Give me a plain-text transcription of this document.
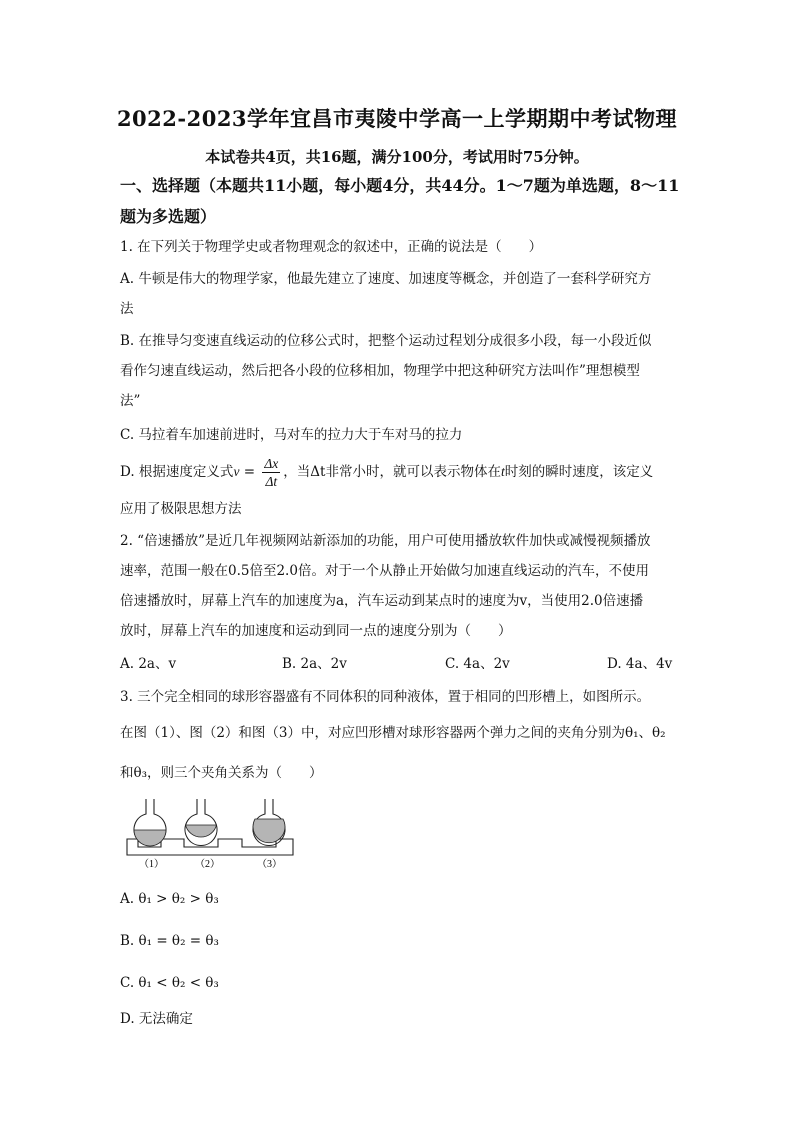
2022-2023学年宜昌市夷陵中学高一上学期期中考试物理
本试卷共4页，共16题，满分100分，考试用时75分钟。
一、选择题（本题共11小题，每小题4分，共44分。1～7题为单选题，8～11
题为多选题）
1. 在下列关于物理学史或者物理观念的叙述中，正确的说法是（　　）
A. 牛顿是伟大的物理学家，他最先建立了速度、加速度等概念，并创造了一套科学研究方
法
B. 在推导匀变速直线运动的位移公式时，把整个运动过程划分成很多小段，每一小段近似
看作匀速直线运动，然后把各小段的位移相加，物理学中把这种研究方法叫作”理想模型
法”
C. 马拉着车加速前进时，马对车的拉力大于车对马的拉力
D. 根据速度定义式$v = \frac{\Delta x}{\Delta t}$ ，当Δt非常小时，就可以表示物体在t时刻的瞬时速度，该定义
应用了极限思想方法
2. “倍速播放”是近几年视频网站新添加的功能，用户可使用播放软件加快或减慢视频播放
速率，范围一般在0.5倍至2.0倍。对于一个从静止开始做匀加速直线运动的汽车，不使用
倍速播放时，屏幕上汽车的加速度为a，汽车运动到某点时的速度为v，当使用2.0倍速播
放时，屏幕上汽车的加速度和运动到同一点的速度分别为（　　）
A. 2a、v	B. 2a、2v	C. 4a、2v	D. 4a、4v
3. 三个完全相同的球形容器盛有不同体积的同种液体，置于相同的凹形槽上，如图所示。
在图（1）、图（2）和图（3）中，对应凹形槽对球形容器两个弹力之间的夹角分别为θ₁、θ₂
和θ₃，则三个夹角关系为（　　）
（1）	（2）	（3）
A. θ₁ > θ₂ > θ₃
B. θ₁ = θ₂ = θ₃
C. θ₁ < θ₂ < θ₃
D. 无法确定
